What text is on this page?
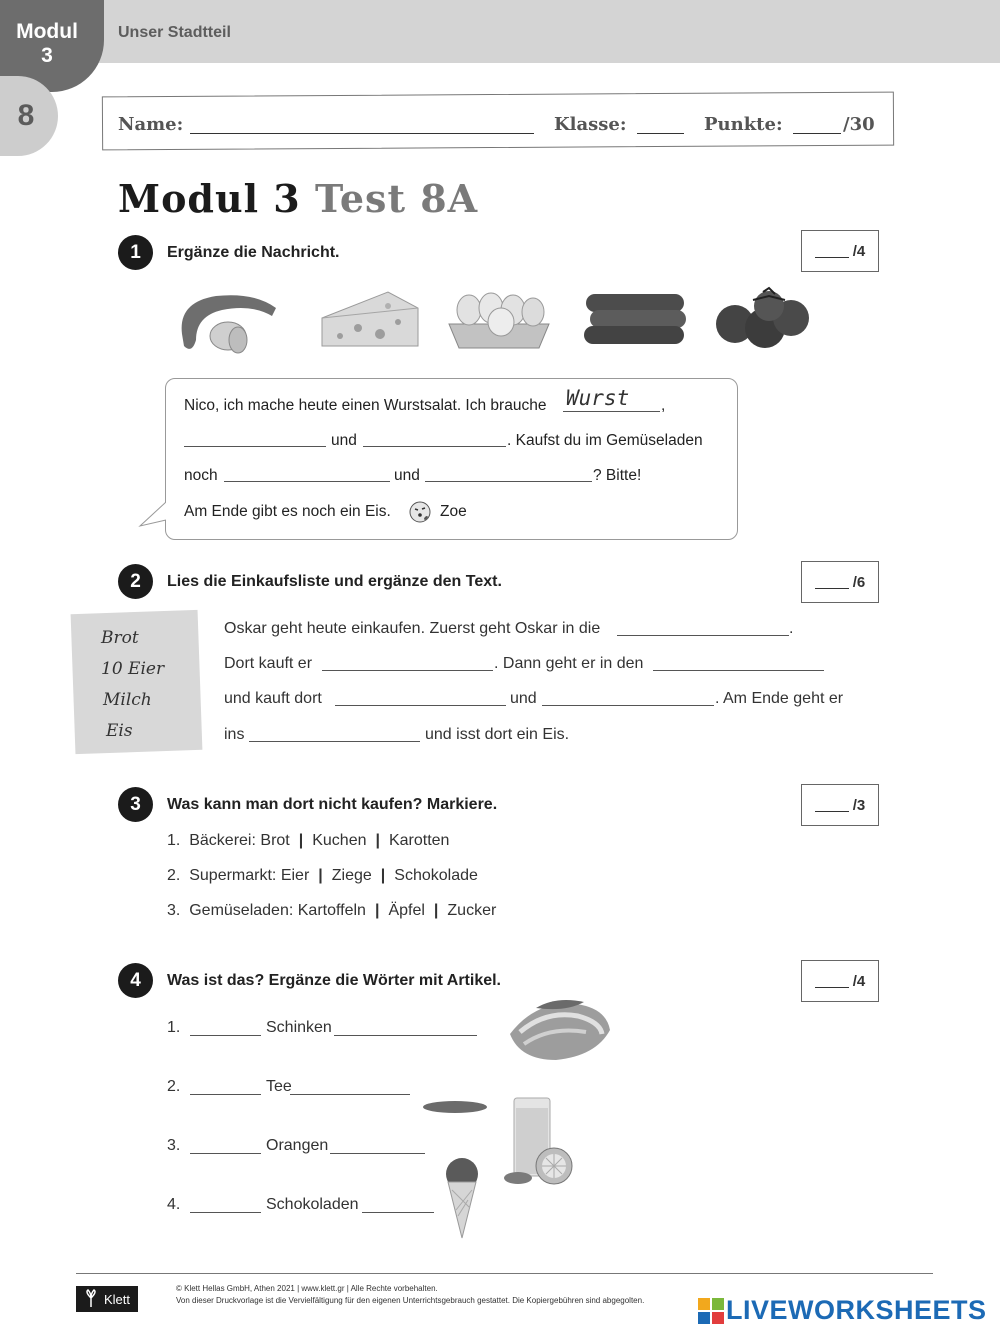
Modul
3
8
Unser Stadtteil
Name:	Klasse:	Punkte:	/30
Modul 3 Test 8A
1	Ergänze die Nachricht.	/4
Nico, ich mache heute einen Wurstsalat. Ich brauche Wurst ,
und	. Kaufst du im Gemüseladen
noch	und	? Bitte!
Am Ende gibt es noch ein Eis.	Zoe
2	Lies die Einkaufsliste und ergänze den Text.	/6
Brot
10 Eier
Milch
Eis
Oskar geht heute einkaufen. Zuerst geht Oskar in die	.
Dort kauft er	. Dann geht er in den
und kauft dort	und	. Am Ende geht er
ins	und isst dort ein Eis.
3	Was kann man dort nicht kaufen? Markiere.	/3
1. Bäckerei: Brot | Kuchen | Karotten
2. Supermarkt: Eier | Ziege | Schokolade
3. Gemüseladen: Kartoffeln | Äpfel | Zucker
4	Was ist das? Ergänze die Wörter mit Artikel.	/4
1.	Schinken
2.	Tee
3.	Orangen
4.	Schokoladen
Klett
© Klett Hellas GmbH, Athen 2021 | www.klett.gr | Alle Rechte vorbehalten.
Von dieser Druckvorlage ist die Vervielfältigung für den eigenen Unterrichtsgebrauch gestattet. Die Kopiergebühren sind abgegolten.	LIVEWORKSHEETS
